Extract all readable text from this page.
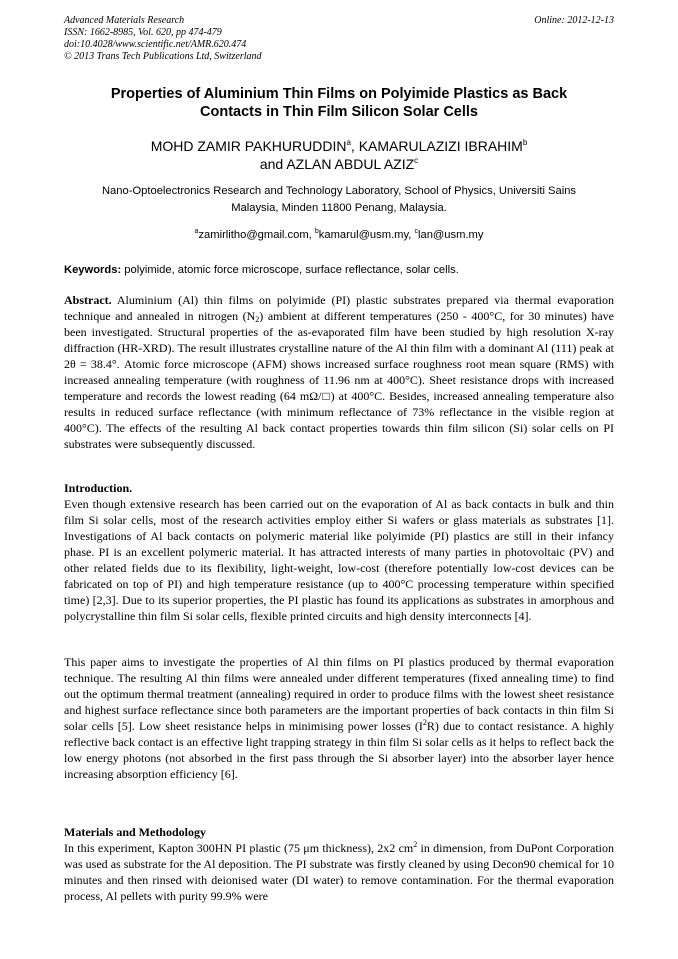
Advanced Materials Research
ISSN: 1662-8985, Vol. 620, pp 474-479
doi:10.4028/www.scientific.net/AMR.620.474
© 2013 Trans Tech Publications Ltd, Switzerland
Online: 2012-12-13
Properties of Aluminium Thin Films on Polyimide Plastics as Back
Contacts in Thin Film Silicon Solar Cells
MOHD ZAMIR PAKHURUDDIN$^a$, KAMARULAZIZI IBRAHIM$^b$
and AZLAN ABDUL AZIZ$^c$
Nano-Optoelectronics Research and Technology Laboratory, School of Physics, Universiti Sains
Malaysia, Minden 11800 Penang, Malaysia.
$^a$zamirlitho@gmail.com, $^b$kamarul@usm.my, $^c$lan@usm.my
Keywords: polyimide, atomic force microscope, surface reflectance, solar cells.

Abstract. Aluminium (Al) thin films on polyimide (PI) plastic substrates prepared via thermal evaporation technique and annealed in nitrogen $(N_2)$ ambient at different temperatures (250 - 400°C, for 30 minutes) have been investigated. Structural properties of the as-evaporated film have been studied by high resolution X-ray diffraction (HR-XRD). The result illustrates crystalline nature of the Al thin film with a dominant Al (111) peak at 2θ = 38.4°. Atomic force microscope (AFM) shows increased surface roughness root mean square (RMS) with increased annealing temperature (with roughness of 11.96 nm at 400°C). Sheet resistance drops with increased temperature and records the lowest reading (64 mΩ/□) at 400°C. Besides, increased annealing temperature also results in reduced surface reflectance (with minimum reflectance of 73% reflectance in the visible region at 400°C). The effects of the resulting Al back contact properties towards thin film silicon (Si) solar cells on PI substrates were subsequently discussed.

Introduction.

Even though extensive research has been carried out on the evaporation of Al as back contacts in bulk and thin film Si solar cells, most of the research activities employ either Si wafers or glass materials as substrates [1]. Investigations of Al back contacts on polymeric material like polyimide (PI) plastics are still in their infancy phase. PI is an excellent polymeric material. It has attracted interests of many parties in photovoltaic (PV) and other related fields due to its flexibility, light-weight, low-cost (therefore potentially low-cost devices can be fabricated on top of PI) and high temperature resistance (up to 400°C processing temperature within specified time) [2,3]. Due to its superior properties, the PI plastic has found its applications as substrates in amorphous and polycrystalline thin film Si solar cells, flexible printed circuits and high density interconnects [4].

This paper aims to investigate the properties of Al thin films on PI plastics produced by thermal evaporation technique. The resulting Al thin films were annealed under different temperatures (fixed annealing time) to find out the optimum thermal treatment (annealing) required in order to produce films with the lowest sheet resistance and highest surface reflectance since both parameters are the important properties of back contacts in thin film Si solar cells [5]. Low sheet resistance helps in minimising power losses $(I^2R)$ due to contact resistance. A highly reflective back contact is an effective light trapping strategy in thin film Si solar cells as it helps to reflect back the low energy photons (not absorbed in the first pass through the Si absorber layer) into the absorber layer hence increasing absorption efficiency [6].

Materials and Methodology

In this experiment, Kapton 300HN PI plastic (75 μm thickness), 2x2 $cm^2$ in dimension, from DuPont Corporation was used as substrate for the Al deposition. The PI substrate was firstly cleaned by using Decon90 chemical for 10 minutes and then rinsed with deionised water (DI water) to remove contamination. For the thermal evaporation process, Al pellets with purity 99.9% were
